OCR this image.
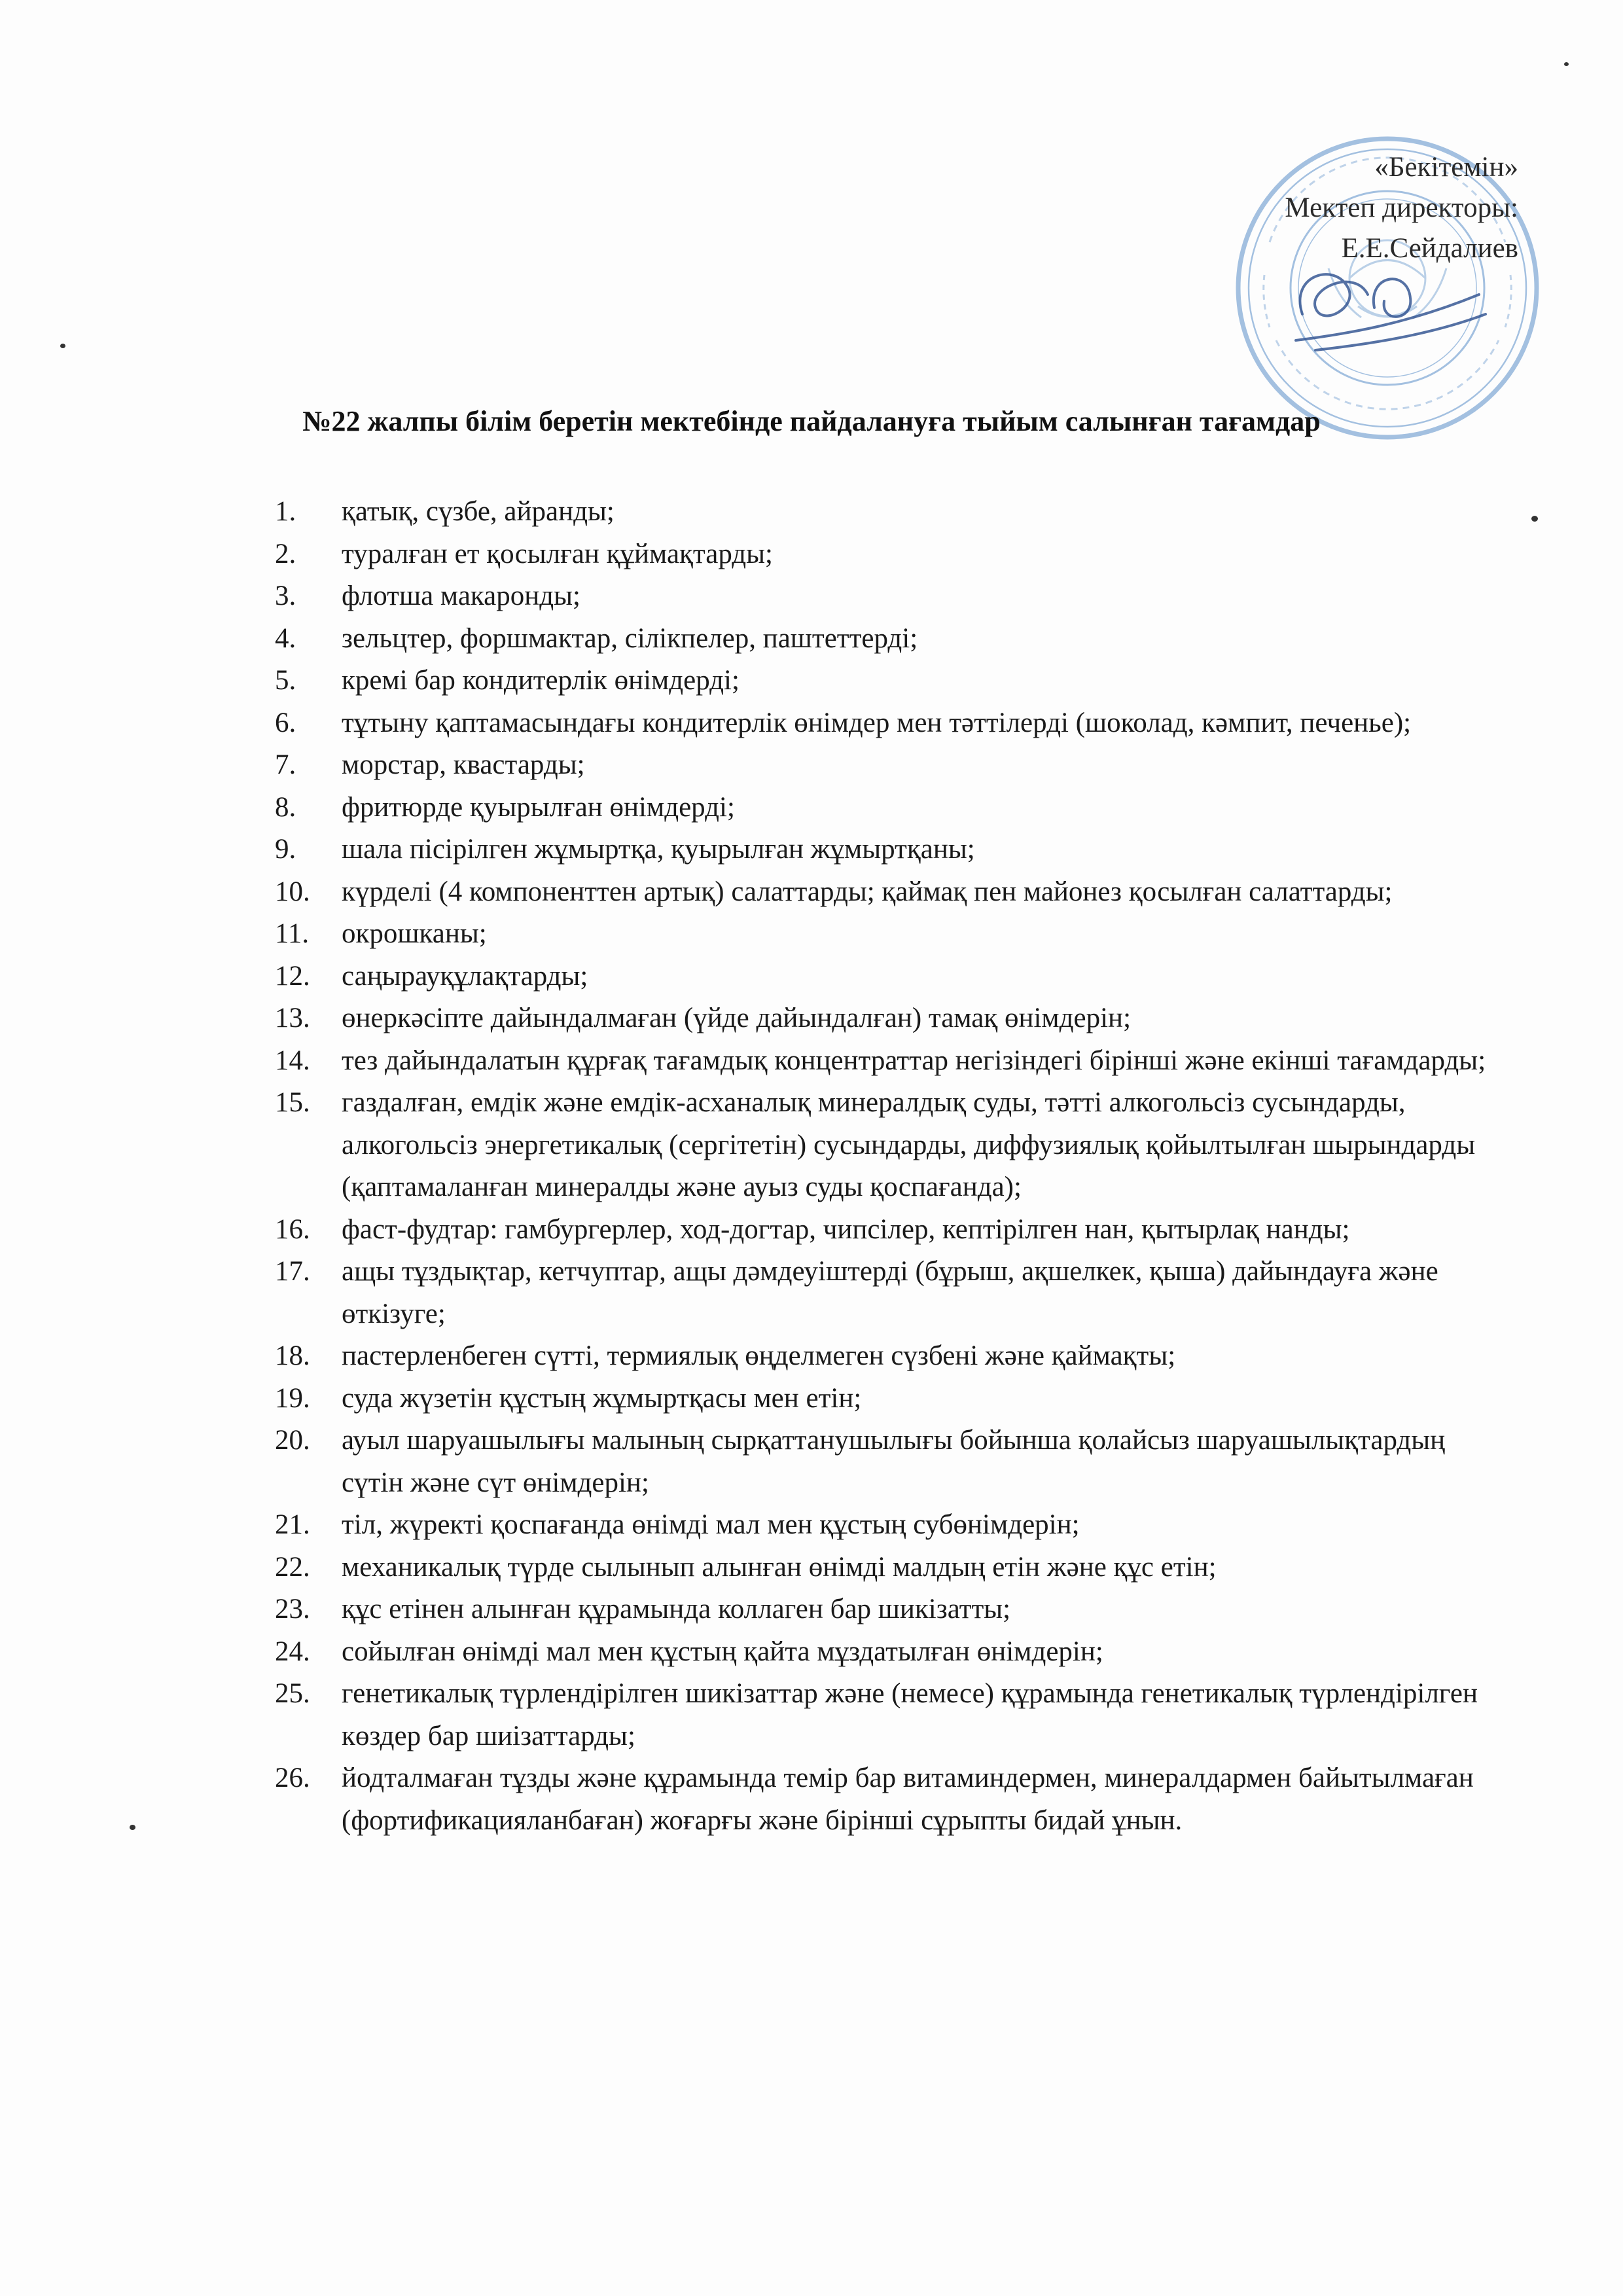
«Бекітемін»
Мектеп директоры:
Е.Е.Сейдалиев
№22 жалпы білім беретін мектебінде пайдалануға тыйым салынған тағамдар
1.	қатық, сүзбе, айранды;
2.	туралған ет қосылған құймақтарды;
3.	флотша макаронды;
4.	зельцтер, форшмактар, сілікпелер, паштеттерді;
5.	кремі бар кондитерлік өнімдерді;
6.	тұтыну қаптамасындағы кондитерлік өнімдер мен тәттілерді (шоколад, кәмпит, печенье);
7.	морстар, квастарды;
8.	фритюрде қуырылған өнімдерді;
9.	шала пісірілген жұмыртқа, қуырылған жұмыртқаны;
10.	күрделі (4 компоненттен артық) салаттарды; қаймақ пен майонез қосылған салаттарды;
11.	окрошканы;
12.	саңырауқұлақтарды;
13.	өнеркәсіпте дайындалмаған (үйде дайындалған) тамақ өнімдерін;
14.	тез дайындалатын құрғақ тағамдық концентраттар негізіндегі бірінші және екінші тағамдарды;
15.	газдалған, емдік және емдік-асханалық минералдық суды, тәтті алкогольсіз сусындарды, алкогольсіз энергетикалық (сергітетін) сусындарды, диффузиялық қойылтылған шырындарды (қаптамаланған минералды және ауыз суды қоспағанда);
16.	фаст-фудтар: гамбургерлер, ход-догтар, чипсілер, кептірілген нан, қытырлақ нанды;
17.	ащы тұздықтар, кетчуптар, ащы дәмдеуіштерді (бұрыш, ақшелкек, қыша) дайындауға және өткізуге;
18.	пастерленбеген сүтті, термиялық өңделмеген сүзбені және қаймақты;
19.	суда жүзетін құстың жұмыртқасы мен етін;
20.	ауыл шаруашылығы малының сырқаттанушылығы бойынша қолайсыз шаруашылықтардың сүтін және сүт өнімдерін;
21.	тіл, жүректі қоспағанда өнімді мал мен құстың субөнімдерін;
22.	механикалық түрде сылынып алынған өнімді малдың етін және құс етін;
23.	құс етінен алынған құрамында коллаген бар шикізатты;
24.	сойылған өнімді мал мен құстың қайта мұздатылған өнімдерін;
25.	генетикалық түрлендірілген шикізаттар және (немесе) құрамында генетикалық түрлендірілген көздер бар шиізаттарды;
26.	йодталмаған тұзды және құрамында темір бар витаминдермен, минералдармен байытылмаған (фортификацияланбаған) жоғарғы және бірінші сұрыпты бидай ұнын.
